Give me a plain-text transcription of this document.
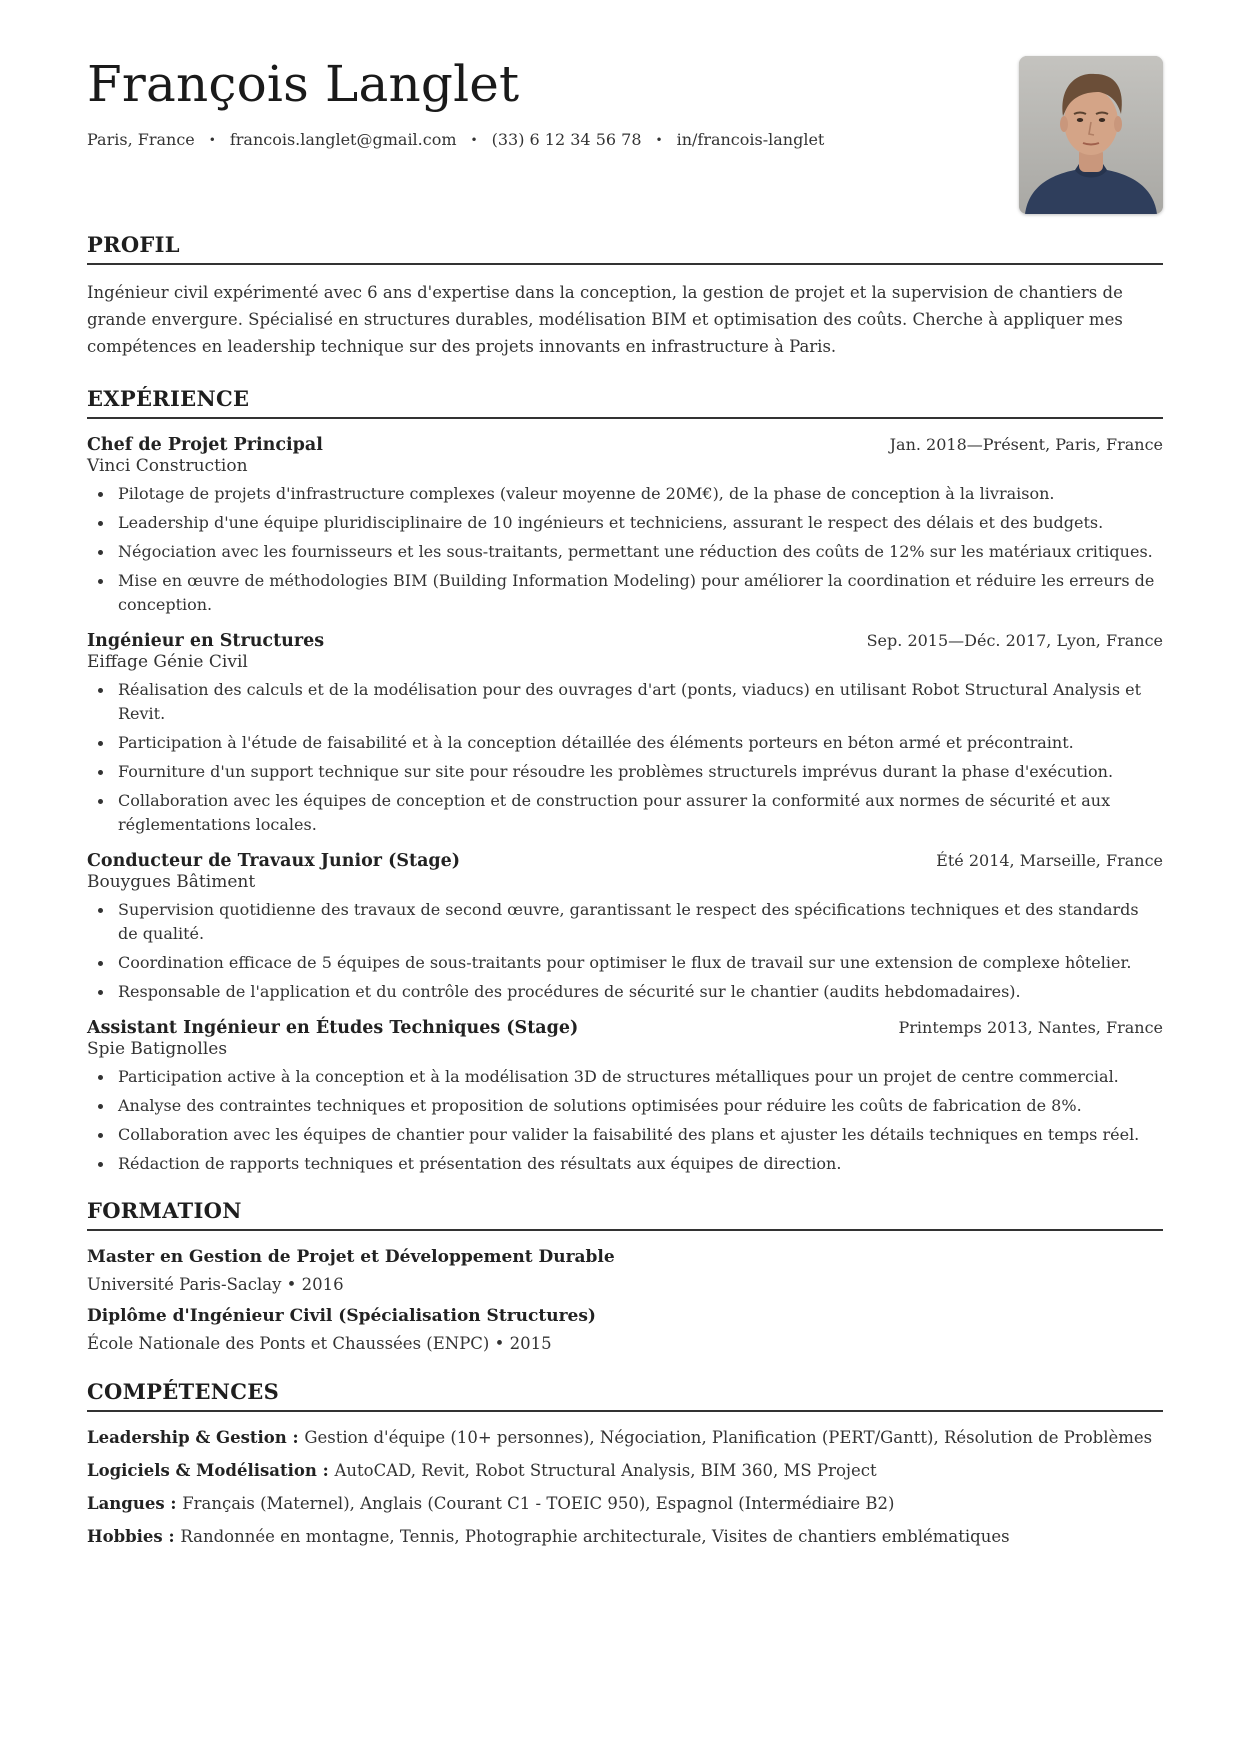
François Langlet
Paris, France • francois.langlet@gmail.com • (33) 6 12 34 56 78 • in/francois-langlet
PROFIL
Ingénieur civil expérimenté avec 6 ans d'expertise dans la conception, la gestion de projet et la supervision de chantiers de grande envergure. Spécialisé en structures durables, modélisation BIM et optimisation des coûts. Cherche à appliquer mes compétences en leadership technique sur des projets innovants en infrastructure à Paris.
EXPÉRIENCE
Chef de Projet Principal	Jan. 2018—Présent, Paris, France
Vinci Construction
Pilotage de projets d'infrastructure complexes (valeur moyenne de 20M€), de la phase de conception à la livraison.
Leadership d'une équipe pluridisciplinaire de 10 ingénieurs et techniciens, assurant le respect des délais et des budgets.
Négociation avec les fournisseurs et les sous-traitants, permettant une réduction des coûts de 12% sur les matériaux critiques.
Mise en œuvre de méthodologies BIM (Building Information Modeling) pour améliorer la coordination et réduire les erreurs de conception.
Ingénieur en Structures	Sep. 2015—Déc. 2017, Lyon, France
Eiffage Génie Civil
Réalisation des calculs et de la modélisation pour des ouvrages d'art (ponts, viaducs) en utilisant Robot Structural Analysis et Revit.
Participation à l'étude de faisabilité et à la conception détaillée des éléments porteurs en béton armé et précontraint.
Fourniture d'un support technique sur site pour résoudre les problèmes structurels imprévus durant la phase d'exécution.
Collaboration avec les équipes de conception et de construction pour assurer la conformité aux normes de sécurité et aux réglementations locales.
Conducteur de Travaux Junior (Stage)	Été 2014, Marseille, France
Bouygues Bâtiment
Supervision quotidienne des travaux de second œuvre, garantissant le respect des spécifications techniques et des standards de qualité.
Coordination efficace de 5 équipes de sous-traitants pour optimiser le flux de travail sur une extension de complexe hôtelier.
Responsable de l'application et du contrôle des procédures de sécurité sur le chantier (audits hebdomadaires).
Assistant Ingénieur en Études Techniques (Stage)	Printemps 2013, Nantes, France
Spie Batignolles
Participation active à la conception et à la modélisation 3D de structures métalliques pour un projet de centre commercial.
Analyse des contraintes techniques et proposition de solutions optimisées pour réduire les coûts de fabrication de 8%.
Collaboration avec les équipes de chantier pour valider la faisabilité des plans et ajuster les détails techniques en temps réel.
Rédaction de rapports techniques et présentation des résultats aux équipes de direction.
FORMATION
Master en Gestion de Projet et Développement Durable
Université Paris-Saclay • 2016
Diplôme d'Ingénieur Civil (Spécialisation Structures)
École Nationale des Ponts et Chaussées (ENPC) • 2015
COMPÉTENCES
Leadership & Gestion : Gestion d'équipe (10+ personnes), Négociation, Planification (PERT/Gantt), Résolution de Problèmes
Logiciels & Modélisation : AutoCAD, Revit, Robot Structural Analysis, BIM 360, MS Project
Langues : Français (Maternel), Anglais (Courant C1 - TOEIC 950), Espagnol (Intermédiaire B2)
Hobbies : Randonnée en montagne, Tennis, Photographie architecturale, Visites de chantiers emblématiques
